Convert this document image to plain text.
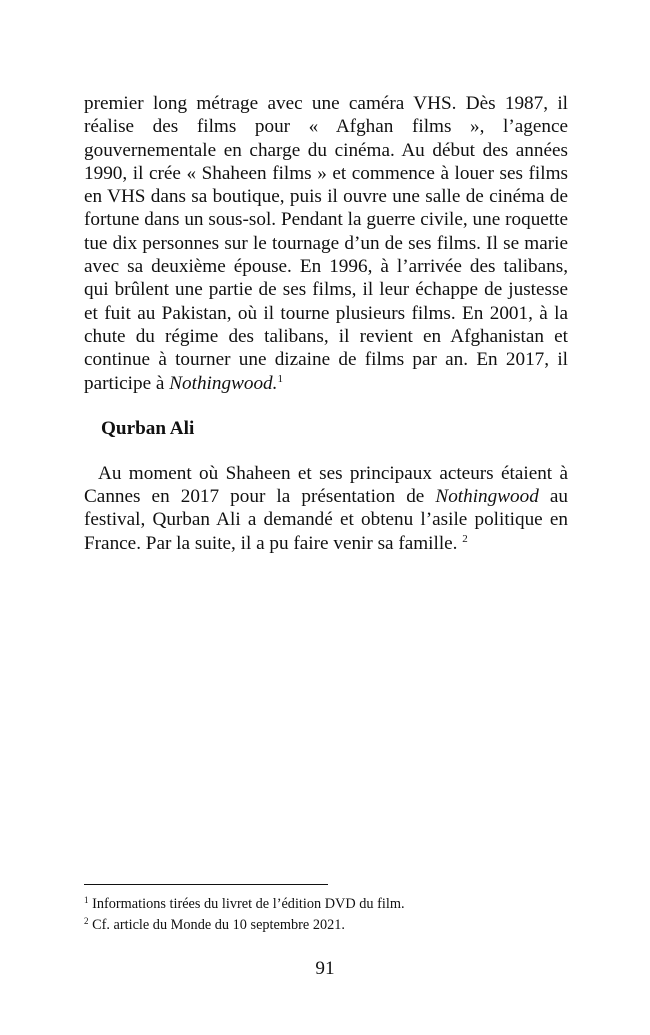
premier long métrage avec une caméra VHS. Dès 1987, il réalise des films pour « Afghan films », l’agence gouvernementale en charge du cinéma. Au début des années 1990, il crée « Shaheen films » et commence à louer ses films en VHS dans sa boutique, puis il ouvre une salle de cinéma de fortune dans un sous-sol. Pendant la guerre civile, une roquette tue dix personnes sur le tournage d’un de ses films. Il se marie avec sa deuxième épouse. En 1996, à l’arrivée des talibans, qui brûlent une partie de ses films, il leur échappe de justesse et fuit au Pakistan, où il tourne plusieurs films. En 2001, à la chute du régime des talibans, il revient en Afghanistan et continue à tourner une dizaine de films par an. En 2017, il participe à Nothingwood.$^1$

Qurban Ali

Au moment où Shaheen et ses principaux acteurs étaient à Cannes en 2017 pour la présentation de Nothingwood au festival, Qurban Ali a demandé et obtenu l’asile politique en France. Par la suite, il a pu faire venir sa famille. $^2$

$^1$ Informations tirées du livret de l’édition DVD du film.

$^2$ Cf. article du Monde du 10 septembre 2021.

91
